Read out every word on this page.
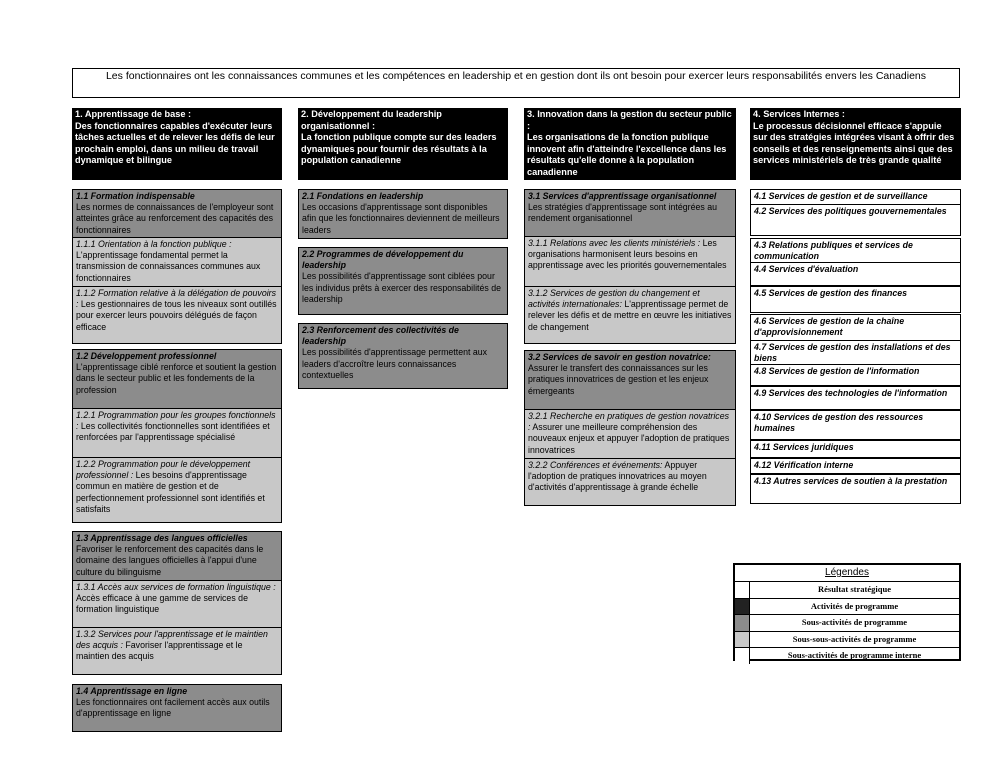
Les fonctionnaires ont les connaissances communes et les compétences en leadership et en gestion dont ils ont besoin pour exercer leurs responsabilités envers les Canadiens
1. Apprentissage de base :
Des fonctionnaires capables d'exécuter leurs tâches actuelles et de relever les défis de leur prochain emploi, dans un milieu de travail dynamique et bilingue
2. Développement du leadership organisationnel :
La fonction publique compte sur des leaders dynamiques pour fournir des résultats à la population canadienne
3. Innovation dans la gestion du secteur public :
Les organisations de la fonction publique innovent afin d'atteindre l'excellence dans les résultats qu'elle donne à la population canadienne
4. Services Internes :
Le processus décisionnel efficace s'appuie sur des stratégies intégrées visant à offrir des conseils et des renseignements ainsi que des services ministériels de très grande qualité
1.1 Formation indispensable
Les normes de connaissances de l'employeur sont atteintes grâce au renforcement des capacités des fonctionnaires
1.1.1 Orientation à la fonction publique : L'apprentissage fondamental permet la transmission de connaissances communes aux fonctionnaires
1.1.2 Formation relative à la délégation de pouvoirs : Les gestionnaires de tous les niveaux sont outillés pour exercer leurs pouvoirs délégués de façon efficace
1.2 Développement professionnel
L'apprentissage ciblé renforce et soutient la gestion dans le secteur public et les fondements de la profession
1.2.1 Programmation pour les groupes fonctionnels : Les collectivités fonctionnelles sont identifiées et renforcées par l'apprentissage spécialisé
1.2.2 Programmation pour le développement professionnel : Les besoins d'apprentissage commun en matière de gestion et de perfectionnement professionnel sont identifiés et satisfaits
1.3 Apprentissage des langues officielles
Favoriser le renforcement des capacités dans le domaine des langues officielles à l'appui d'une culture du bilinguisme
1.3.1 Accès aux services de formation linguistique : Accès efficace à une gamme de services de formation linguistique
1.3.2 Services pour l'apprentissage et le maintien des acquis : Favoriser l'apprentissage et le maintien des acquis
1.4 Apprentissage en ligne
Les fonctionnaires ont facilement accès aux outils d'apprentissage en ligne
2.1 Fondations en leadership
Les occasions d'apprentissage sont disponibles afin que les fonctionnaires deviennent de meilleurs leaders
2.2 Programmes de développement du leadership
Les possibilités d'apprentissage sont ciblées pour les individus prêts à exercer des responsabilités de leadership
2.3 Renforcement des collectivités de leadership
Les possibilités d'apprentissage permettent aux leaders d'accroître leurs connaissances contextuelles
3.1 Services d'apprentissage organisationnel
Les stratégies d'apprentissage sont intégrées au rendement organisationnel
3.1.1 Relations avec les clients ministériels : Les organisations harmonisent leurs besoins en apprentissage avec les priorités gouvernementales
3.1.2 Services de gestion du changement et activités internationales: L'apprentissage permet de relever les défis et de mettre en œuvre les initiatives de changement
3.2 Services de savoir en gestion novatrice:
Assurer le transfert des connaissances sur les pratiques innovatrices de gestion et les enjeux émergeants
3.2.1 Recherche en pratiques de gestion novatrices : Assurer une meilleure compréhension des nouveaux enjeux et appuyer l'adoption de pratiques innovatrices
3.2.2 Conférences et événements: Appuyer l'adoption de pratiques innovatrices au moyen d'activités d'apprentissage à grande échelle
4.1 Services de gestion et de surveillance
4.2 Services des politiques gouvernementales
4.3 Relations publiques et services de communication
4.4 Services d'évaluation
4.5 Services de gestion des finances
4.6 Services de gestion de la chaîne d'approvisionnement
4.7 Services de gestion des installations et des biens
4.8 Services de gestion de l'information
4.9 Services des technologies de l'information
4.10 Services de gestion des ressources humaines
4.11 Services juridiques
4.12 Vérification interne
4.13 Autres services de soutien à la prestation
Légendes
Résultat stratégique
Activités de programme
Sous-activités de programme
Sous-sous-activités de programme
Sous-activités de programme interne
